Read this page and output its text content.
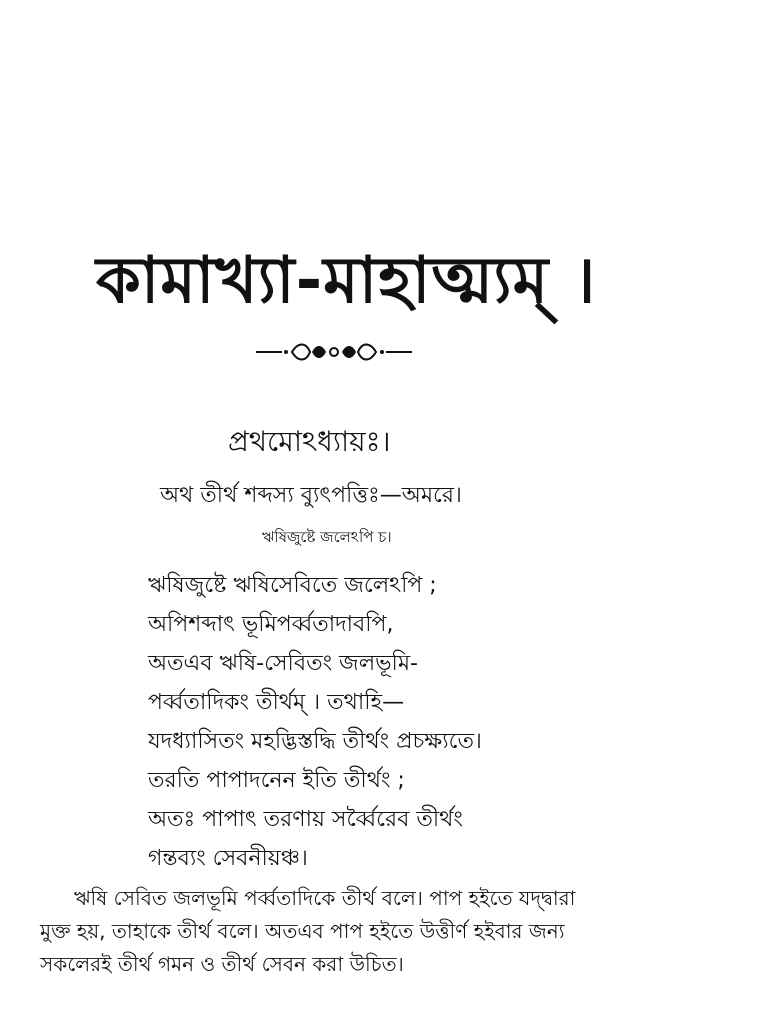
কামাখ্যা-মাহাত্ম্যম্ ।
প্রথমোঽধ্যায়ঃ।
অথ তীর্থ শব্দস্য ব্যুৎপত্তিঃ—অমরে।
ঋষিজুষ্টে জলেঽপি চ।
ঋষিজুষ্টে ঋষিসেবিতে জলেঽপি ;
অপিশব্দাৎ ভূমিপর্ব্বতাদাবপি,
অতএব ঋষি-সেবিতং জলভূমি-
পর্ব্বতাদিকং তীর্থম্ । তথাহি—
যদধ্যাসিতং মহদ্ভিস্তদ্ধি তীর্থং প্রচক্ষ্যতে।
তরতি পাপাদনেন ইতি তীর্থং ;
অতঃ পাপাৎ তরণায় সর্ব্বৈরেব তীর্থং
গন্তব্যং সেবনীয়ঞ্চ।
ঋষি সেবিত জলভূমি পর্ব্বতাদিকে তীর্থ বলে। পাপ হইতে যদ্দ্বারা
মুক্ত হয়, তাহাকে তীর্থ বলে। অতএব পাপ হইতে উত্তীর্ণ হইবার জন্য
সকলেরই তীর্থ গমন ও তীর্থ সেবন করা উচিত।
